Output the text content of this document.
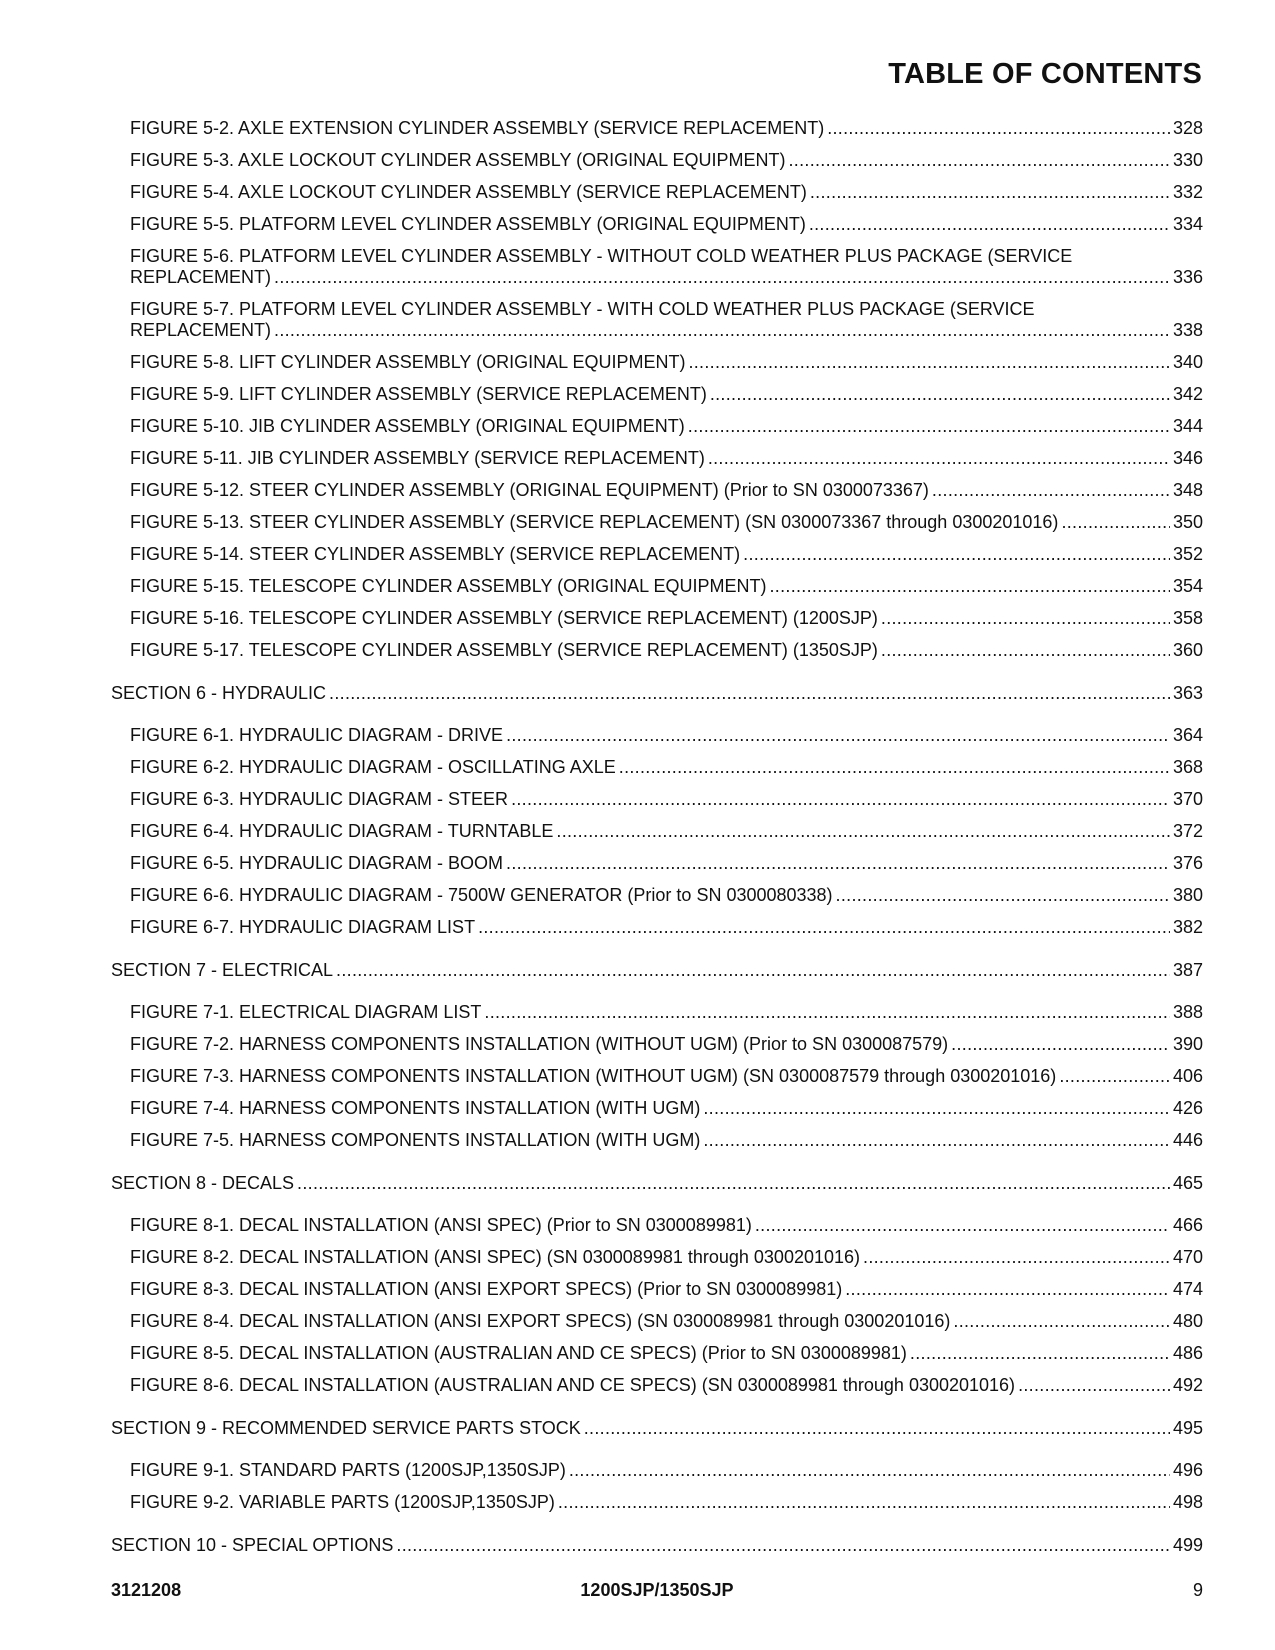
TABLE OF CONTENTS
FIGURE 5-2. AXLE EXTENSION CYLINDER ASSEMBLY (SERVICE REPLACEMENT) .....	328
FIGURE 5-3. AXLE LOCKOUT CYLINDER ASSEMBLY (ORIGINAL EQUIPMENT) .....	330
FIGURE 5-4. AXLE LOCKOUT CYLINDER ASSEMBLY (SERVICE REPLACEMENT) .....	332
FIGURE 5-5. PLATFORM LEVEL CYLINDER ASSEMBLY (ORIGINAL EQUIPMENT) .....	334
FIGURE 5-6. PLATFORM LEVEL CYLINDER ASSEMBLY - WITHOUT COLD WEATHER PLUS PACKAGE (SERVICE
REPLACEMENT) .....	336
FIGURE 5-7. PLATFORM LEVEL CYLINDER ASSEMBLY - WITH COLD WEATHER PLUS PACKAGE (SERVICE
REPLACEMENT) .....	338
FIGURE 5-8. LIFT CYLINDER ASSEMBLY (ORIGINAL EQUIPMENT) .....	340
FIGURE 5-9. LIFT CYLINDER ASSEMBLY (SERVICE REPLACEMENT) .....	342
FIGURE 5-10. JIB CYLINDER ASSEMBLY (ORIGINAL EQUIPMENT) .....	344
FIGURE 5-11. JIB CYLINDER ASSEMBLY (SERVICE REPLACEMENT) .....	346
FIGURE 5-12. STEER CYLINDER ASSEMBLY (ORIGINAL EQUIPMENT) (Prior to SN 0300073367) .....	348
FIGURE 5-13. STEER CYLINDER ASSEMBLY (SERVICE REPLACEMENT) (SN 0300073367 through 0300201016) .....	350
FIGURE 5-14. STEER CYLINDER ASSEMBLY (SERVICE REPLACEMENT) .....	352
FIGURE 5-15. TELESCOPE CYLINDER ASSEMBLY (ORIGINAL EQUIPMENT) .....	354
FIGURE 5-16. TELESCOPE CYLINDER ASSEMBLY (SERVICE REPLACEMENT) (1200SJP) .....	358
FIGURE 5-17. TELESCOPE CYLINDER ASSEMBLY (SERVICE REPLACEMENT) (1350SJP) .....	360
SECTION 6 - HYDRAULIC .....	363
FIGURE 6-1. HYDRAULIC DIAGRAM - DRIVE .....	364
FIGURE 6-2. HYDRAULIC DIAGRAM - OSCILLATING AXLE .....	368
FIGURE 6-3. HYDRAULIC DIAGRAM - STEER .....	370
FIGURE 6-4. HYDRAULIC DIAGRAM - TURNTABLE .....	372
FIGURE 6-5. HYDRAULIC DIAGRAM - BOOM .....	376
FIGURE 6-6. HYDRAULIC DIAGRAM - 7500W GENERATOR (Prior to SN 0300080338) .....	380
FIGURE 6-7. HYDRAULIC DIAGRAM LIST .....	382
SECTION 7 - ELECTRICAL .....	387
FIGURE 7-1. ELECTRICAL DIAGRAM LIST .....	388
FIGURE 7-2. HARNESS COMPONENTS INSTALLATION (WITHOUT UGM) (Prior to SN 0300087579) .....	390
FIGURE 7-3. HARNESS COMPONENTS INSTALLATION (WITHOUT UGM) (SN 0300087579 through 0300201016) .....	406
FIGURE 7-4. HARNESS COMPONENTS INSTALLATION (WITH UGM) .....	426
FIGURE 7-5. HARNESS COMPONENTS INSTALLATION (WITH UGM) .....	446
SECTION 8 - DECALS .....	465
FIGURE 8-1. DECAL INSTALLATION (ANSI SPEC) (Prior to SN 0300089981) .....	466
FIGURE 8-2. DECAL INSTALLATION (ANSI SPEC) (SN 0300089981 through 0300201016) .....	470
FIGURE 8-3. DECAL INSTALLATION (ANSI EXPORT SPECS) (Prior to SN 0300089981) .....	474
FIGURE 8-4. DECAL INSTALLATION (ANSI EXPORT SPECS) (SN 0300089981 through 0300201016) .....	480
FIGURE 8-5. DECAL INSTALLATION (AUSTRALIAN AND CE SPECS) (Prior to SN 0300089981) .....	486
FIGURE 8-6. DECAL INSTALLATION (AUSTRALIAN AND CE SPECS) (SN 0300089981 through 0300201016) .....	492
SECTION 9 - RECOMMENDED SERVICE PARTS STOCK .....	495
FIGURE 9-1. STANDARD PARTS (1200SJP,1350SJP) .....	496
FIGURE 9-2. VARIABLE PARTS (1200SJP,1350SJP) .....	498
SECTION 10 - SPECIAL OPTIONS .....	499
3121208	1200SJP/1350SJP	9
